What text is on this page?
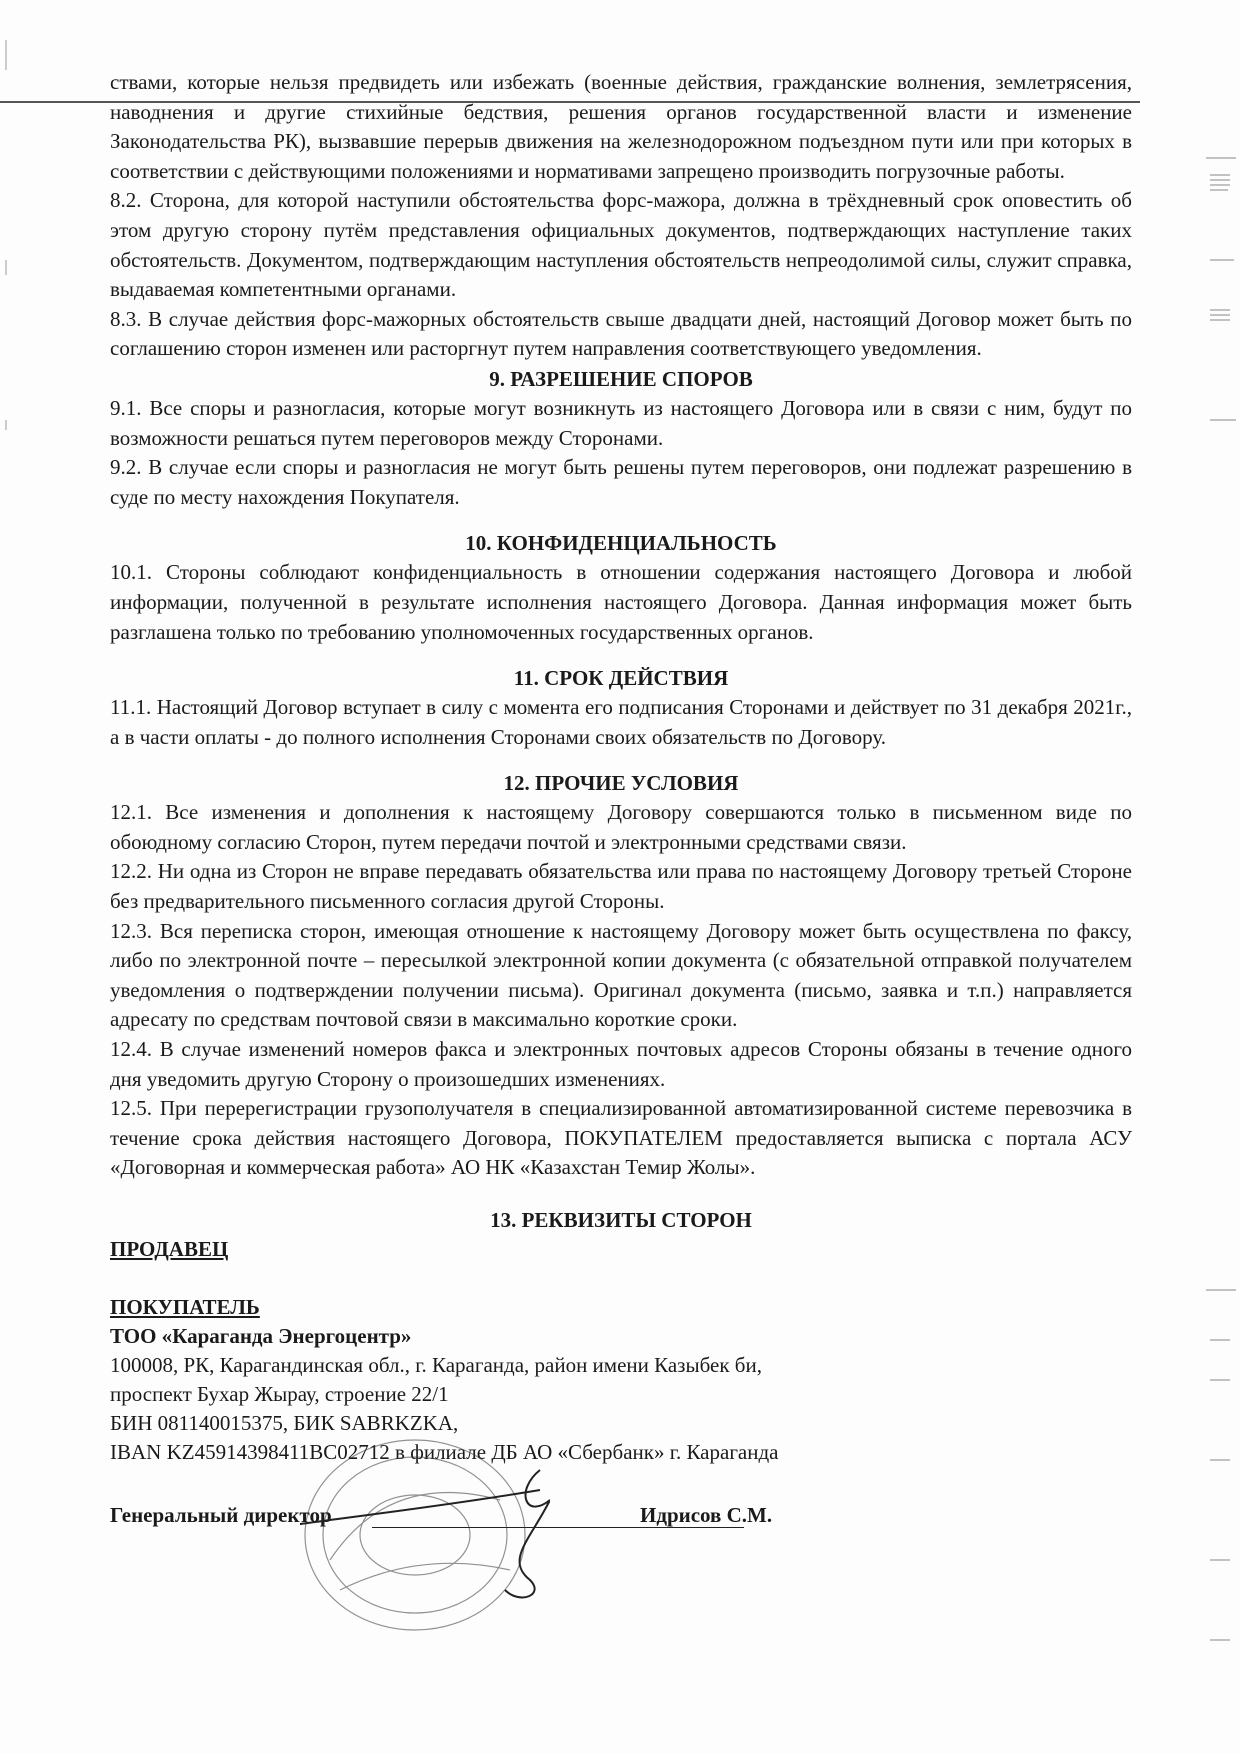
ствами, которые нельзя предвидеть или избежать (военные действия, гражданские волнения, землетрясения, наводнения и другие стихийные бедствия, решения органов государственной власти и изменение Законодательства РК), вызвавшие перерыв движения на железнодорожном подъездном пути или при которых в соответствии с действующими положениями и нормативами запрещено производить погрузочные работы.

8.2. Сторона, для которой наступили обстоятельства форс-мажора, должна в трёхдневный срок оповестить об этом другую сторону путём представления официальных документов, подтверждающих наступление таких обстоятельств. Документом, подтверждающим наступления обстоятельств непреодолимой силы, служит справка, выдаваемая компетентными органами.

8.3. В случае действия форс-мажорных обстоятельств свыше двадцати дней, настоящий Договор может быть по соглашению сторон изменен или расторгнут путем направления соответствующего уведомления.

9. РАЗРЕШЕНИЕ СПОРОВ

9.1. Все споры и разногласия, которые могут возникнуть из настоящего Договора или в связи с ним, будут по возможности решаться путем переговоров между Сторонами.

9.2. В случае если споры и разногласия не могут быть решены путем переговоров, они подлежат разрешению в суде по месту нахождения Покупателя.

10. КОНФИДЕНЦИАЛЬНОСТЬ

10.1. Стороны соблюдают конфиденциальность в отношении содержания настоящего Договора и любой информации, полученной в результате исполнения настоящего Договора. Данная информация может быть разглашена только по требованию уполномоченных государственных органов.

11. СРОК ДЕЙСТВИЯ

11.1. Настоящий Договор вступает в силу с момента его подписания Сторонами и действует по 31 декабря 2021г., а в части оплаты - до полного исполнения Сторонами своих обязательств по Договору.

12. ПРОЧИЕ УСЛОВИЯ

12.1. Все изменения и дополнения к настоящему Договору совершаются только в письменном виде по обоюдному согласию Сторон, путем передачи почтой и электронными средствами связи.

12.2. Ни одна из Сторон не вправе передавать обязательства или права по настоящему Договору третьей Стороне без предварительного письменного согласия другой Стороны.

12.3. Вся переписка сторон, имеющая отношение к настоящему Договору может быть осуществлена по факсу, либо по электронной почте – пересылкой электронной копии документа (с обязательной отправкой получателем уведомления о подтверждении получении письма). Оригинал документа (письмо, заявка и т.п.) направляется адресату по средствам почтовой связи в максимально короткие сроки.

12.4. В случае изменений номеров факса и электронных почтовых адресов Стороны обязаны в течение одного дня уведомить другую Сторону о произошедших изменениях.

12.5. При перерегистрации грузополучателя в специализированной автоматизированной системе перевозчика в течение срока действия настоящего Договора, ПОКУПАТЕЛЕМ предоставляется выписка с портала АСУ «Договорная и коммерческая работа» АО НК «Казахстан Темир Жолы».

13. РЕКВИЗИТЫ СТОРОН
ПРОДАВЕЦ
ПОКУПАТЕЛЬ
ТОО «Караганда Энергоцентр»
100008, РК, Карагандинская обл., г. Караганда, район имени Казыбек би,
проспект Бухар Жырау, строение 22/1
БИН 081140015375, БИК SABRKZKA,
IBAN KZ45914398411BC02712 в филиале ДБ АО «Сбербанк» г. Караганда
Генеральный директор	Идрисов С.М.
